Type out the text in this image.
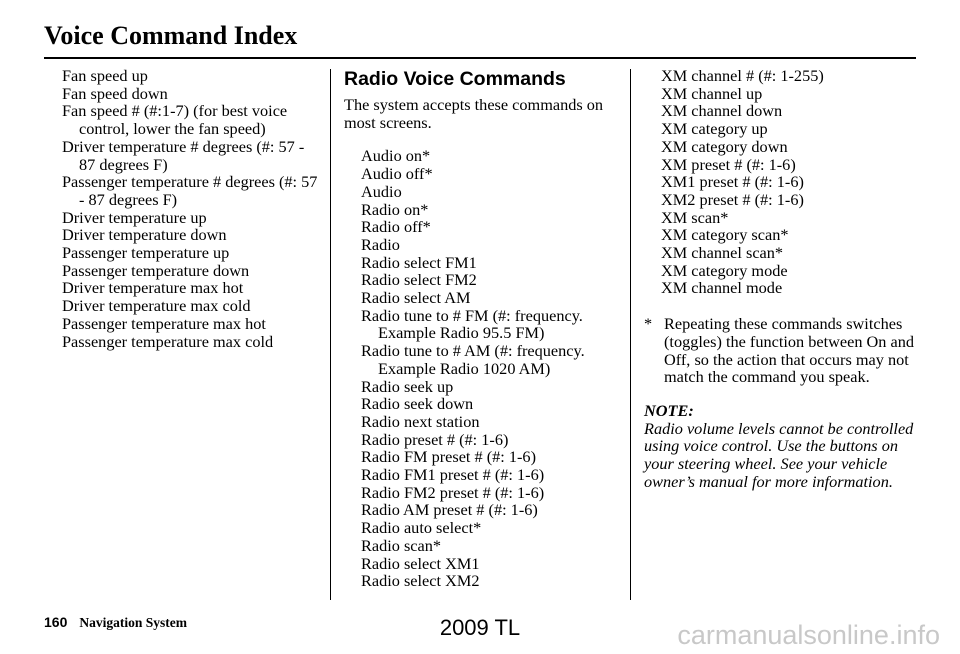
Voice Command Index
Fan speed up
Fan speed down
Fan speed # (#:1-7) (for best voice control, lower the fan speed)
Driver temperature # degrees (#: 57 - 87 degrees F)
Passenger temperature # degrees (#: 57 - 87 degrees F)
Driver temperature up
Driver temperature down
Passenger temperature up
Passenger temperature down
Driver temperature max hot
Driver temperature max cold
Passenger temperature max hot
Passenger temperature max cold
Radio Voice Commands

The system accepts these commands on most screens.

Audio on*
Audio off*
Audio
Radio on*
Radio off*
Radio
Radio select FM1
Radio select FM2
Radio select AM
Radio tune to # FM (#: frequency. Example Radio 95.5 FM)
Radio tune to # AM (#: frequency. Example Radio 1020 AM)
Radio seek up
Radio seek down
Radio next station
Radio preset # (#: 1-6)
Radio FM preset # (#: 1-6)
Radio FM1 preset # (#: 1-6)
Radio FM2 preset # (#: 1-6)
Radio AM preset # (#: 1-6)
Radio auto select*
Radio scan*
Radio select XM1
Radio select XM2
XM channel # (#: 1-255)
XM channel up
XM channel down
XM category up
XM category down
XM preset # (#: 1-6)
XM1 preset # (#: 1-6)
XM2 preset # (#: 1-6)
XM scan*
XM category scan*
XM channel scan*
XM category mode
XM channel mode
* Repeating these commands switches (toggles) the function between On and Off, so the action that occurs may not match the command you speak.
NOTE:
Radio volume levels cannot be controlled using voice control. Use the buttons on your steering wheel. See your vehicle owner’s manual for more information.
160 Navigation System	2009 TL	carmanualsonline.info
